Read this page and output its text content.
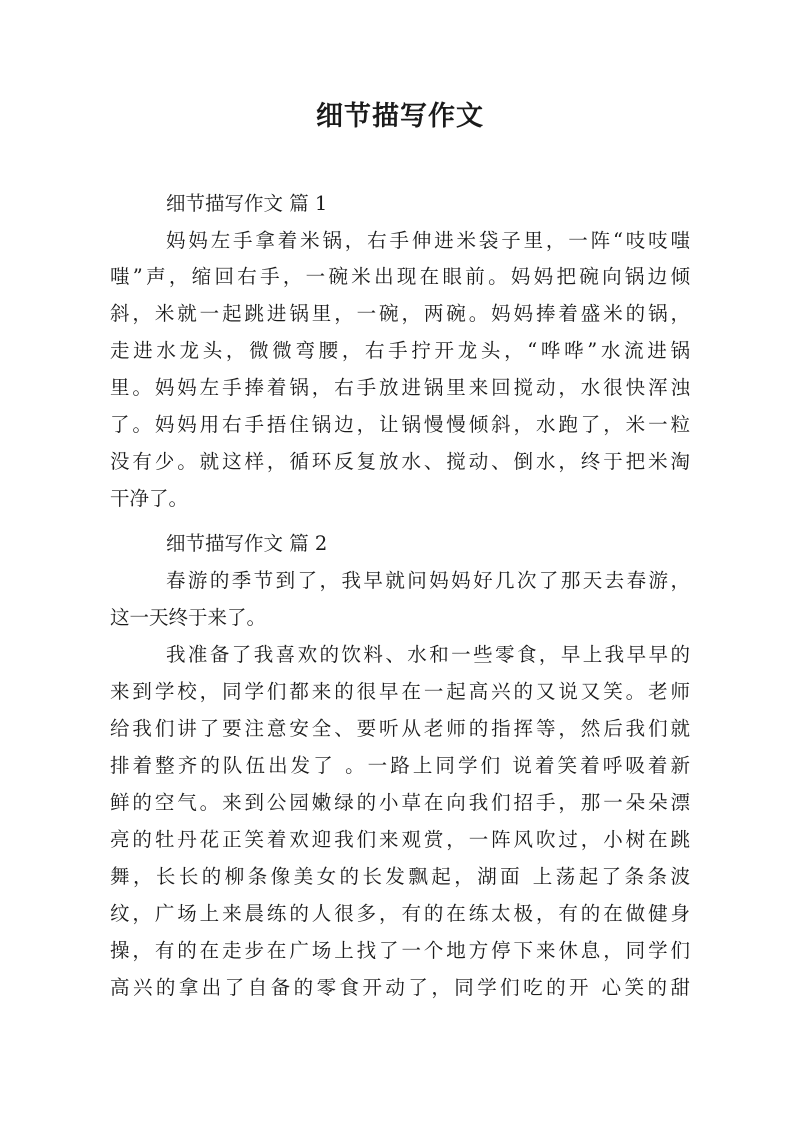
细节描写作文
细节描写作文 篇 1
妈妈左手拿着米锅，右手伸进米袋子里，一阵“吱吱嗤
嗤”声，缩回右手，一碗米出现在眼前。妈妈把碗向锅边倾
斜，米就一起跳进锅里，一碗，两碗。妈妈捧着盛米的锅，
走进水龙头，微微弯腰，右手拧开龙头，“哗哗”水流进锅
里。妈妈左手捧着锅，右手放进锅里来回搅动，水很快浑浊
了。妈妈用右手捂住锅边，让锅慢慢倾斜，水跑了，米一粒
没有少。就这样，循环反复放水、搅动、倒水，终于把米淘
干净了。
细节描写作文 篇 2
春游的季节到了，我早就问妈妈好几次了那天去春游，
这一天终于来了。
我准备了我喜欢的饮料、水和一些零食，早上我早早的
来到学校，同学们都来的很早在一起高兴的又说又笑。老师
给我们讲了要注意安全、要听从老师的指挥等，然后我们就
排着整齐的队伍出发了 。一路上同学们 说着笑着呼吸着新
鲜的空气。来到公园嫩绿的小草在向我们招手，那一朵朵漂
亮的牡丹花正笑着欢迎我们来观赏，一阵风吹过，小树在跳
舞，长长的柳条像美女的长发飘起，湖面 上荡起了条条波
纹，广场上来晨练的人很多，有的在练太极，有的在做健身
操，有的在走步在广场上找了一个地方停下来休息，同学们
高兴的拿出了自备的零食开动了，同学们吃的开 心笑的甜
